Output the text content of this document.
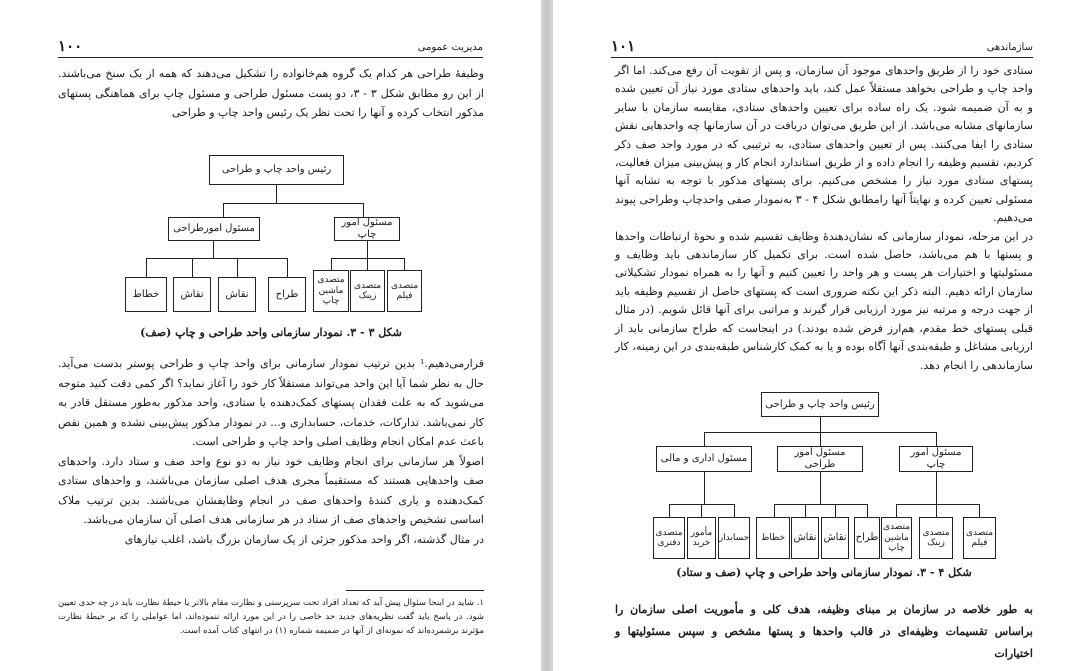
۱۰۰	مدیریت عمومی

وظیفهٔ طراحی هر کدام یک گروه هم‌خانواده را تشکیل می‌دهند که همه از یک سنخ می‌باشند. از این رو مطابق شکل ۳ - ۳، دو پست مسئول طراحی و مسئول چاپ برای هماهنگی پستهای مذکور انتخاب کرده و آنها را تحت نظر یک رئیس واحد چاپ و طراحی

رئیس واحد چاپ و طراحی
مسئول امور چاپ
مسئول امورطراحی
متصدی فیلم
متصدی زینک
متصدی ماشین چاپ
طراح
نقاش
نقاش
خطاط
شکل ۳ - ۳. نمودار سازمانی واحد طراحی و چاپ (صف)

قرارمی‌دهیم.¹ بدین ترتیب نمودار سازمانی برای واحد چاپ و طراحی پوستر بدست می‌آید. حال به نظر شما آیا این واحد می‌تواند مستقلاً کار خود را آغاز نماید؟ اگر کمی دقت کنید متوجه می‌شوید که به علت فقدان پستهای کمک‌دهنده یا ستادی، واحد مذکور به‌طور مستقل قادر به کار نمی‌باشد. تدارکات، خدمات، حسابداری و... در نمودار مذکور پیش‌بینی نشده و همین نقص باعث عدم امکان انجام وظایف اصلی واحد چاپ و طراحی است.

اصولاً هر سازمانی برای انجام وظایف خود نیاز به دو نوع واحد صف و ستاد دارد. واحدهای صف واحدهایی هستند که مستقیماً مجری هدف اصلی سازمان می‌باشند، و واحدهای ستادی کمک‌دهنده و یاری کنندهٔ واحدهای صف در انجام وظایفشان می‌باشند. بدین ترتیب ملاک اساسی تشخیص واحدهای صف از ستاد در هر سازمانی هدف اصلی آن سازمان می‌باشد.

در مثال گذشته، اگر واحد مذکور جزئی از یک سازمان بزرگ باشد، اغلب نیازهای

۱. شاید در اینجا سئوال پیش آید که تعداد افراد تحت سرپرستی و نظارت مقام بالاتر یا حیطهٔ نظارت باید در چه حدی تعیین شود. در پاسخ باید گفت نظریه‌های جدید حد خاصی را در این مورد ارائه ننموده‌اند، اما عواملی را که بر حیطهٔ نظارت مؤثرند برشمرده‌اند که نمونه‌ای از آنها در ضمیمه شماره (۱) در انتهای کتاب آمده است.
۱۰۱	سازماندهی

ستادی خود را از طریق واحدهای موجود آن سازمان، و پس از تقویت آن رفع می‌کند. اما اگر واحد چاپ و طراحی بخواهد مستقلاً عمل کند، باید واحدهای ستادی مورد نیاز آن تعیین شده و به آن ضمیمه شود. یک راه ساده برای تعیین واحدهای ستادی، مقایسه سازمان با سایر سازمانهای مشابه می‌باشد. از این طریق می‌توان دریافت در آن سازمانها چه واحدهایی نقش ستادی را ایفا می‌کنند. پس از تعیین واحدهای ستادی، به ترتیبی که در مورد واحد صف ذکر کردیم، تقسیم وظیفه را انجام داده و از طریق استاندارد انجام کار و پیش‌بینی میزان فعالیت، پستهای ستادی مورد نیاز را مشخص می‌کنیم. برای پستهای مذکور با توجه به تشابه آنها مسئولی تعیین کرده و نهایتاً آنها رامطابق شکل ۴ - ۳ به‌نمودار صفی واحدچاپ وطراحی پیوند می‌دهیم.

در این مرحله، نمودار سازمانی که نشان‌دهندهٔ وظایف تقسیم شده و نحوهٔ ارتباطات واحدها و پستها با هم می‌باشد، حاصل شده است. برای تکمیل کار سازماندهی باید وظایف و مسئولیتها و اختیارات هر پست و هر واحد را تعیین کنیم و آنها را به همراه نمودار تشکیلاتی سازمان ارائه دهیم. البته ذکر این نکته ضروری است که پستهای حاصل از تقسیم وظیفه باید از جهت درجه و مرتبه نیز مورد ارزیابی قرار گیرند و مراتبی برای آنها قائل شویم. (در مثال قبلی پستهای خط مقدم، هم‌ارز فرض شده بودند.) در اینجاست که طراح سازمانی باید از ارزیابی مشاغل و طبقه‌بندی آنها آگاه بوده و یا به کمک کارشناس طبقه‌بندی در این زمینه، کار سازماندهی را انجام دهد.

رئیس واحد چاپ و طراحی
مسئول امور چاپ
مسئول امور طراحی
مسئول اداری و مالی
متصدی فیلم
متصدی زینک
متصدی ماشین چاپ
طراح
نقاش
نقاش
خطاط
حسابدار
مأمور خرید
متصدی دفتری
شکل ۴ - ۳. نمودار سازمانی واحد طراحی و چاپ (صف و ستاد)

به طور خلاصه در سازمان بر مبنای وظیفه، هدف کلی و مأموریت اصلی سازمان را براساس تقسیمات وظیفه‌ای در قالب واحدها و پستها مشخص و سپس مسئولیتها و اختیارات
